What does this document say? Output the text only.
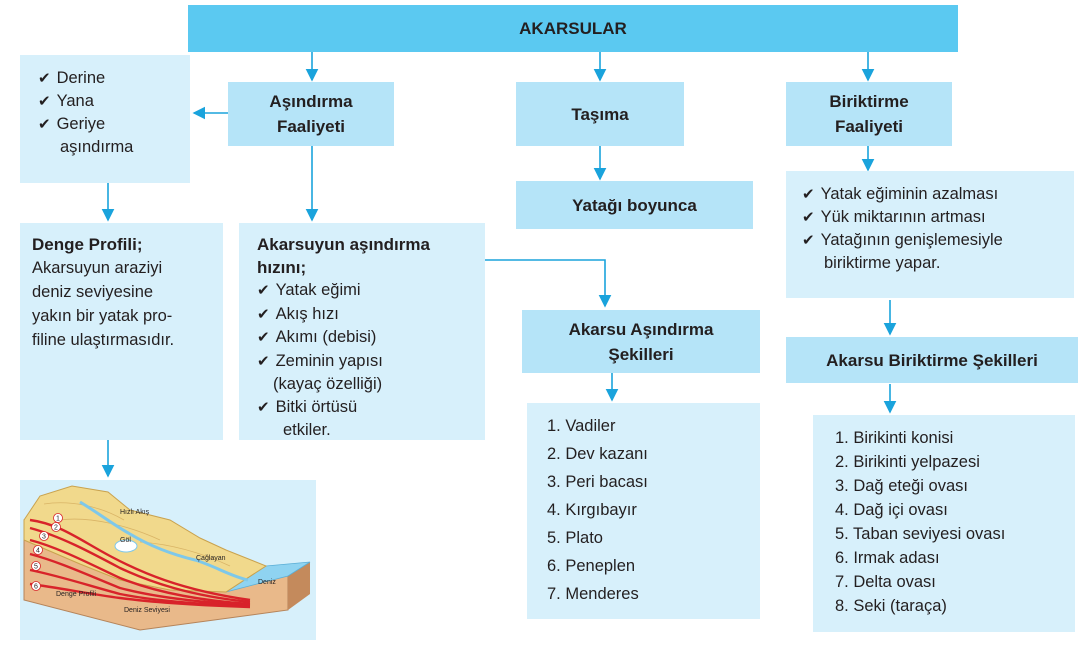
AKARSULAR
✔ Derine
✔ Yana
✔ Geriye
aşındırma
Aşındırma
Faaliyeti
Taşıma
Biriktirme
Faaliyeti
Yatağı boyunca
✔ Yatak eğiminin azalması
✔ Yük miktarının artması
✔ Yatağının genişlemesiyle
biriktirme yapar.
Denge Profili;
Akarsuyun araziyi
deniz seviyesine
yakın bir yatak pro-
filine ulaştırmasıdır.
Akarsuyun aşındırma
hızını;
✔ Yatak eğimi
✔ Akış hızı
✔ Akımı (debisi)
✔ Zeminin yapısı
(kayaç özelliği)
✔ Bitki örtüsü
etkiler.
Akarsu Aşındırma
Şekilleri
1. Vadiler
2. Dev kazanı
3. Peri bacası
4. Kırgıbayır
5. Plato
6. Peneplen
7. Menderes
Akarsu Biriktirme Şekilleri
1. Birikinti konisi
2. Birikinti yelpazesi
3. Dağ eteği ovası
4. Dağ içi ovası
5. Taban seviyesi ovası
6. Irmak adası
7. Delta ovası
8. Seki (taraça)
1
2
3
4
5
6
Hızlı Akış
Göl
Çağlayan
Denge Profili
Deniz Seviyesi
Deniz
